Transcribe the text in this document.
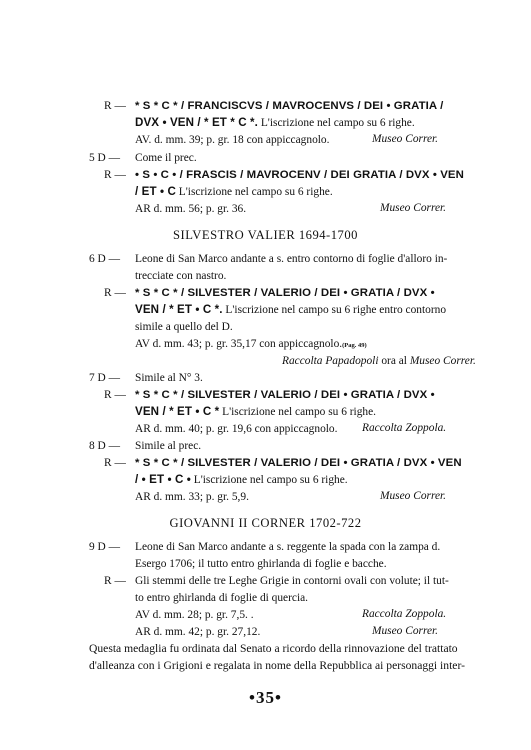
R — * S * C * / FRANCISCVS / MAVROCENVS / DEI • GRATIA /
DVX • VEN / * ET * C *. L'iscrizione nel campo su 6 righe.
AV. d. mm. 39; p. gr. 18 con appiccagnolo.	Museo Correr.
5 D — Come il prec.
R — • S • C • / FRASCIS / MAVROCENV / DEI GRATIA / DVX • VEN
/ ET • C L'iscrizione nel campo su 6 righe.
AR d. mm. 56; p. gr. 36.	Museo Correr.
SILVESTRO VALIER 1694-1700
6 D — Leone di San Marco andante a s. entro contorno di foglie d'alloro in-
trecciate con nastro.
R — * S * C * / SILVESTER / VALERIO / DEI • GRATIA / DVX •
VEN / * ET • C *. L'iscrizione nel campo su 6 righe entro contorno
simile a quello del D.
AV d. mm. 43; p. gr. 35,17 con appiccagnolo.(Pag. 49)
Raccolta Papadopoli ora al Museo Correr.
7 D — Simile al N° 3.
R — * S * C * / SILVESTER / VALERIO / DEI • GRATIA / DVX •
VEN / * ET • C * L'iscrizione nel campo su 6 righe.
AR d. mm. 40; p. gr. 19,6 con appiccagnolo. Raccolta Zoppola.
8 D — Simile al prec.
R — * S * C * / SILVESTER / VALERIO / DEI • GRATIA / DVX • VEN
/ • ET • C • L'iscrizione nel campo su 6 righe.
AR d. mm. 33; p. gr. 5,9.	Museo Correr.
GIOVANNI II CORNER 1702-722
9 D — Leone di San Marco andante a s. reggente la spada con la zampa d.
Esergo 1706; il tutto entro ghirlanda di foglie e bacche.
R — Gli stemmi delle tre Leghe Grigie in contorni ovali con volute; il tut-
to entro ghirlanda di foglie di quercia.
AV d. mm. 28; p. gr. 7,5. .	Raccolta Zoppola.
AR d. mm. 42; p. gr. 27,12.	Museo Correr.
Questa medaglia fu ordinata dal Senato a ricordo della rinnovazione del trattato
d'alleanza con i Grigioni e regalata in nome della Repubblica ai personaggi inter-
•35•
